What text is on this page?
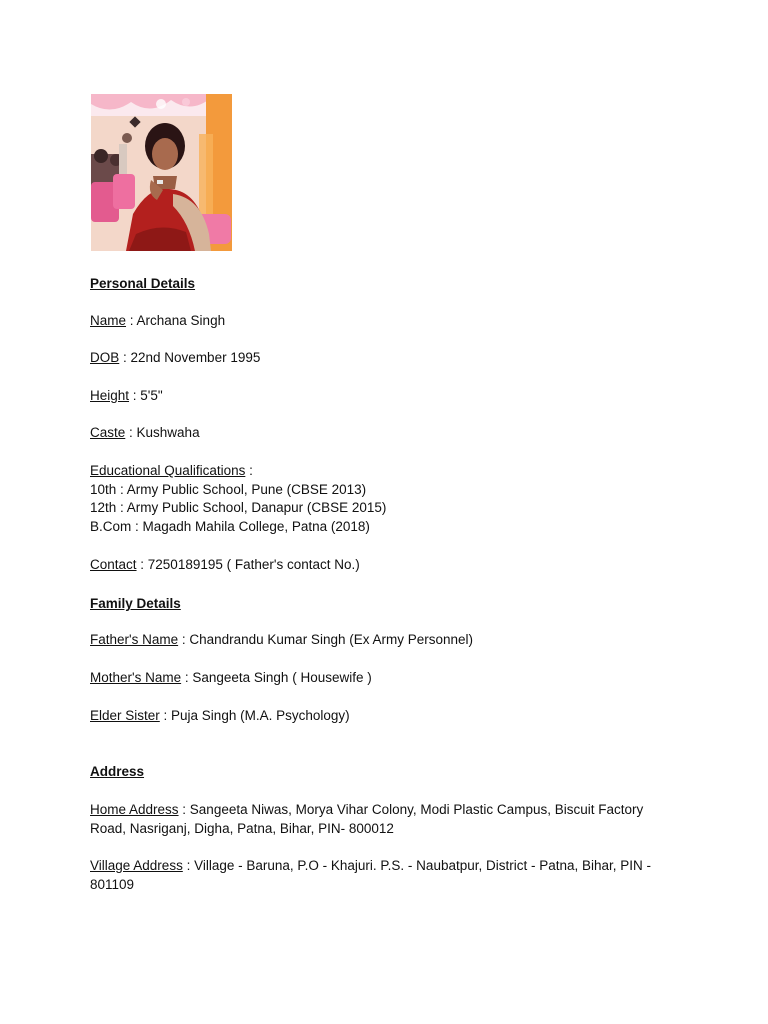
Personal Details
Name : Archana Singh
DOB : 22nd November 1995
Height : 5'5"
Caste : Kushwaha
Educational Qualifications :
10th : Army Public School, Pune (CBSE 2013)
12th : Army Public School, Danapur (CBSE 2015)
B.Com : Magadh Mahila College, Patna (2018)
Contact : 7250189195 ( Father's contact No.)
Family Details
Father's Name : Chandrandu Kumar Singh (Ex Army Personnel)
Mother's Name : Sangeeta Singh ( Housewife )
Elder Sister : Puja Singh (M.A. Psychology)
Address
Home Address : Sangeeta Niwas, Morya Vihar Colony, Modi Plastic Campus, Biscuit Factory Road, Nasriganj, Digha, Patna, Bihar, PIN- 800012
Village Address : Village - Baruna, P.O - Khajuri. P.S. - Naubatpur, District - Patna, Bihar, PIN - 801109
